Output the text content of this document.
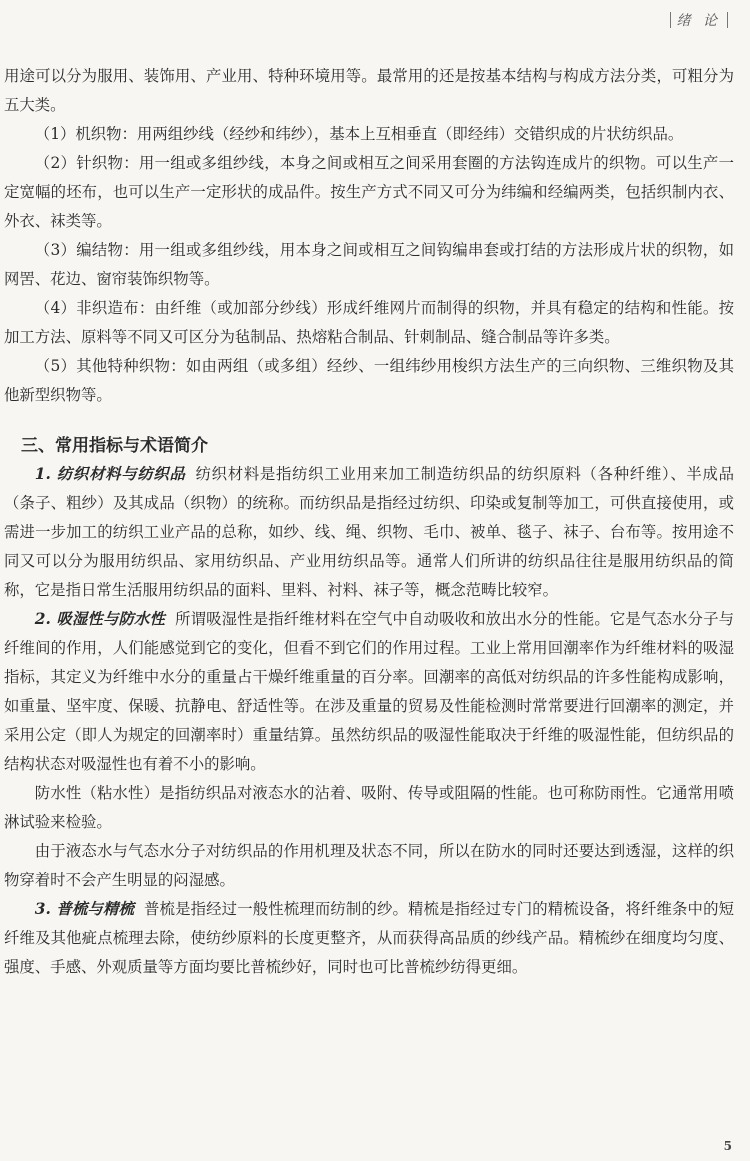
绪 论

用途可以分为服用、装饰用、产业用、特种环境用等。最常用的还是按基本结构与构成方法分类，可粗分为五大类。

（1）机织物：用两组纱线（经纱和纬纱），基本上互相垂直（即经纬）交错织成的片状纺织品。

（2）针织物：用一组或多组纱线，本身之间或相互之间采用套圈的方法钩连成片的织物。可以生产一定宽幅的坯布，也可以生产一定形状的成品件。按生产方式不同又可分为纬编和经编两类，包括织制内衣、外衣、袜类等。

（3）编结物：用一组或多组纱线，用本身之间或相互之间钩编串套或打结的方法形成片状的织物，如网罟、花边、窗帘装饰织物等。

（4）非织造布：由纤维（或加部分纱线）形成纤维网片而制得的织物，并具有稳定的结构和性能。按加工方法、原料等不同又可区分为毡制品、热熔粘合制品、针刺制品、缝合制品等许多类。

（5）其他特种织物：如由两组（或多组）经纱、一组纬纱用梭织方法生产的三向织物、三维织物及其他新型织物等。

三、常用指标与术语简介

1. 纺织材料与纺织品 纺织材料是指纺织工业用来加工制造纺织品的纺织原料（各种纤维）、半成品（条子、粗纱）及其成品（织物）的统称。而纺织品是指经过纺织、印染或复制等加工，可供直接使用，或需进一步加工的纺织工业产品的总称，如纱、线、绳、织物、毛巾、被单、毯子、袜子、台布等。按用途不同又可以分为服用纺织品、家用纺织品、产业用纺织品等。通常人们所讲的纺织品往往是服用纺织品的简称，它是指日常生活服用纺织品的面料、里料、衬料、袜子等，概念范畴比较窄。

2. 吸湿性与防水性 所谓吸湿性是指纤维材料在空气中自动吸收和放出水分的性能。它是气态水分子与纤维间的作用，人们能感觉到它的变化，但看不到它们的作用过程。工业上常用回潮率作为纤维材料的吸湿指标，其定义为纤维中水分的重量占干燥纤维重量的百分率。回潮率的高低对纺织品的许多性能构成影响，如重量、坚牢度、保暖、抗静电、舒适性等。在涉及重量的贸易及性能检测时常常要进行回潮率的测定，并采用公定（即人为规定的回潮率时）重量结算。虽然纺织品的吸湿性能取决于纤维的吸湿性能，但纺织品的结构状态对吸湿性也有着不小的影响。

防水性（粘水性）是指纺织品对液态水的沾着、吸附、传导或阻隔的性能。也可称防雨性。它通常用喷淋试验来检验。

由于液态水与气态水分子对纺织品的作用机理及状态不同，所以在防水的同时还要达到透湿，这样的织物穿着时不会产生明显的闷湿感。

3. 普梳与精梳 普梳是指经过一般性梳理而纺制的纱。精梳是指经过专门的精梳设备，将纤维条中的短纤维及其他疵点梳理去除，使纺纱原料的长度更整齐，从而获得高品质的纱线产品。精梳纱在细度均匀度、强度、手感、外观质量等方面均要比普梳纱好，同时也可比普梳纱纺得更细。

5
